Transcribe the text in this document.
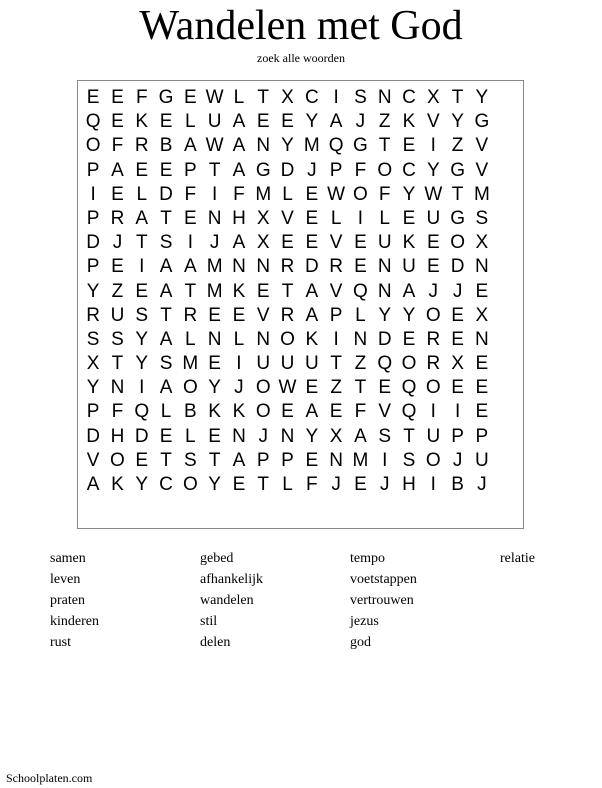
Wandelen met God
zoek alle woorden
E E F G E W L T X C I S N C X T Y
Q E K E L U A E E Y A J Z K V Y G
O F R B A W A N Y M Q G T E I Z V
P A E E P T A G D J P F O C Y G V
I E L D F I F M L E W O F Y W T M
P R A T E N H X V E L I L E U G S
D J T S I J A X E E V E U K E O X
P E I A A M N N R D R E N U E D N
Y Z E A T M K E T A V Q N A J J E
R U S T R E E V R A P L Y Y O E X
S S Y A L N L N O K I N D E R E N
X T Y S M E I U U U T Z Q O R X E
Y N I A O Y J O W E Z T E Q O E E
P F Q L B K K O E A E F V Q I	I E
D H D E L E N J N Y X A S T U P P
V O E T S T A P P E N M I S O J U
A K Y C O Y E T L F J E J H I B J
samen
leven
praten
kinderen
rust
gebed
afhankelijk
wandelen
stil
delen
tempo
voetstappen
vertrouwen
jezus
god
relatie
Schoolplaten.com
